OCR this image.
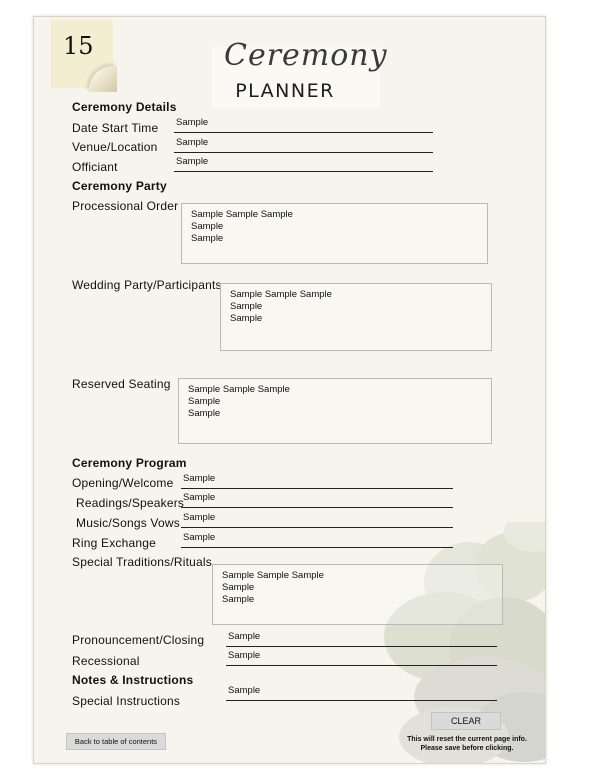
15	Ceremony
PLANNER
Ceremony Details
Date Start Time Sample
Venue/Location Sample
Officiant	Sample
Ceremony Party
Processional Order
Sample Sample Sample
Sample
Sample
Wedding Party/Participants
Sample Sample Sample
Sample
Sample
Reserved Seating	Sample Sample Sample
Sample
Sample
Ceremony Program
Opening/Welcome Sample
Readings/Speakers
Sample
Music/Songs Vows Sample
Ring Exchange	Sample
Special Traditions/Rituals
Sample Sample Sample
Sample
Sample
Pronouncement/Closing Sample
Recessional	Sample
Notes & Instructions
Special Instructions
Sample
CLEAR
This will reset the current page info.
Please save before clicking.
Back to table of contents
